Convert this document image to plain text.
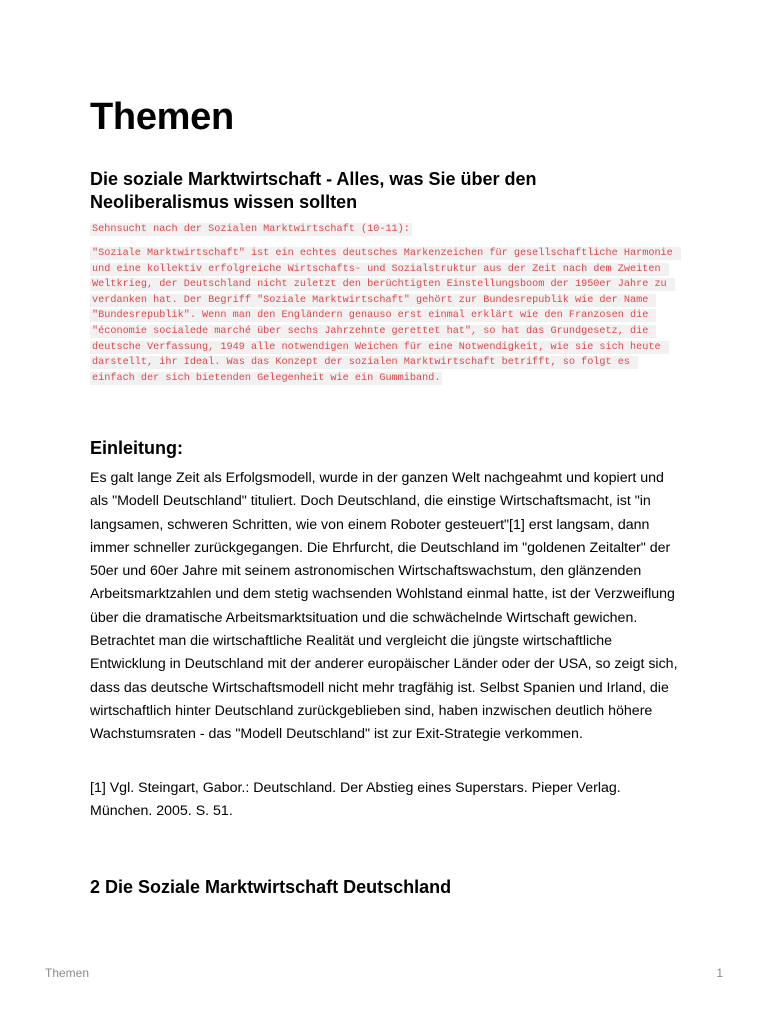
Themen
Die soziale Marktwirtschaft - Alles, was Sie über den Neoliberalismus wissen sollten
Sehnsucht nach der Sozialen Marktwirtschaft (10-11):
"Soziale Marktwirtschaft" ist ein echtes deutsches Markenzeichen für gesellschaftliche Harmonie und eine kollektiv erfolgreiche Wirtschafts- und Sozialstruktur aus der Zeit nach dem Zweiten Weltkrieg, der Deutschland nicht zuletzt den berüchtigten Einstellungsboom der 1950er Jahre zu verdanken hat. Der Begriff "Soziale Marktwirtschaft" gehört zur Bundesrepublik wie der Name "Bundesrepublik". Wenn man den Engländern genauso erst einmal erklärt wie den Franzosen die "économie socialede marché über sechs Jahrzehnte gerettet hat", so hat das Grundgesetz, die deutsche Verfassung, 1949 alle notwendigen Weichen für eine Notwendigkeit, wie sie sich heute darstellt, ihr Ideal. Was das Konzept der sozialen Marktwirtschaft betrifft, so folgt es einfach der sich bietenden Gelegenheit wie ein Gummiband.
Einleitung:

Es galt lange Zeit als Erfolgsmodell, wurde in der ganzen Welt nachgeahmt und kopiert und als "Modell Deutschland" tituliert. Doch Deutschland, die einstige Wirtschaftsmacht, ist "in langsamen, schweren Schritten, wie von einem Roboter gesteuert"[1] erst langsam, dann immer schneller zurückgegangen. Die Ehrfurcht, die Deutschland im "goldenen Zeitalter" der 50er und 60er Jahre mit seinem astronomischen Wirtschaftswachstum, den glänzenden Arbeitsmarktzahlen und dem stetig wachsenden Wohlstand einmal hatte, ist der Verzweiflung über die dramatische Arbeitsmarktsituation und die schwächelnde Wirtschaft gewichen. Betrachtet man die wirtschaftliche Realität und vergleicht die jüngste wirtschaftliche Entwicklung in Deutschland mit der anderer europäischer Länder oder der USA, so zeigt sich, dass das deutsche Wirtschaftsmodell nicht mehr tragfähig ist. Selbst Spanien und Irland, die wirtschaftlich hinter Deutschland zurückgeblieben sind, haben inzwischen deutlich höhere Wachstumsraten - das "Modell Deutschland" ist zur Exit-Strategie verkommen.

[1] Vgl. Steingart, Gabor.: Deutschland. Der Abstieg eines Superstars. Pieper Verlag. München. 2005. S. 51.

2 Die Soziale Marktwirtschaft Deutschland
Themen	1
